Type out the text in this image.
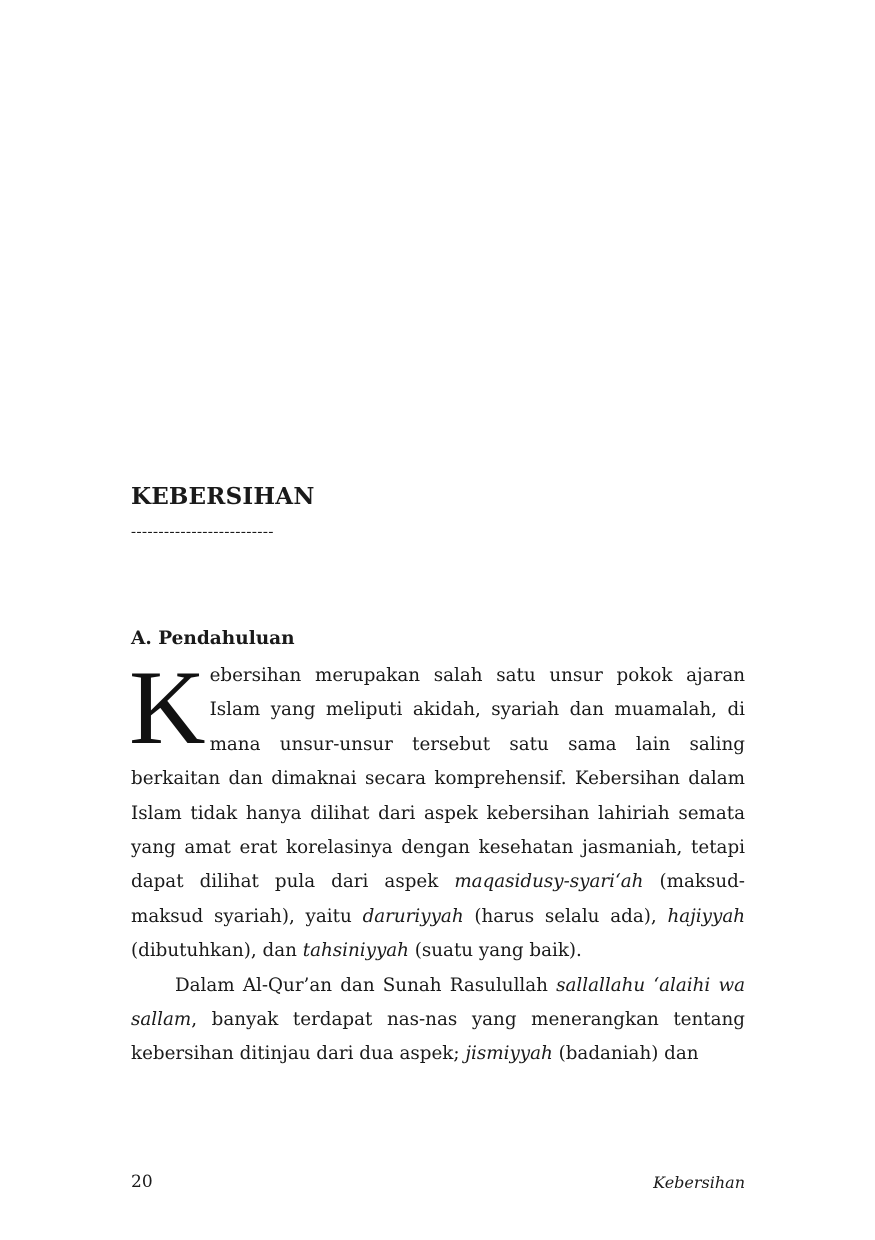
KEBERSIHAN
--------------------------
A. Pendahuluan

Kebersihan merupakan salah satu unsur pokok ajaran Islam yang meliputi akidah, syariah dan muamalah, di mana unsur-unsur tersebut satu sama lain saling berkaitan dan dimaknai secara komprehensif. Kebersihan dalam Islam tidak hanya dilihat dari aspek kebersihan lahiriah semata yang amat erat korelasinya dengan kesehatan jasmaniah, tetapi dapat dilihat pula dari aspek maqasidusy-syari‘ah (maksud-maksud syariah), yaitu daruriyyah (harus selalu ada), hajiyyah (dibutuhkan), dan tahsiniyyah (suatu yang baik).

Dalam Al-Qur’an dan Sunah Rasulullah sallallahu ‘alaihi wa sallam, banyak terdapat nas-nas yang menerangkan tentang kebersihan ditinjau dari dua aspek; jismiyyah (badaniah) dan

20	Kebersihan
